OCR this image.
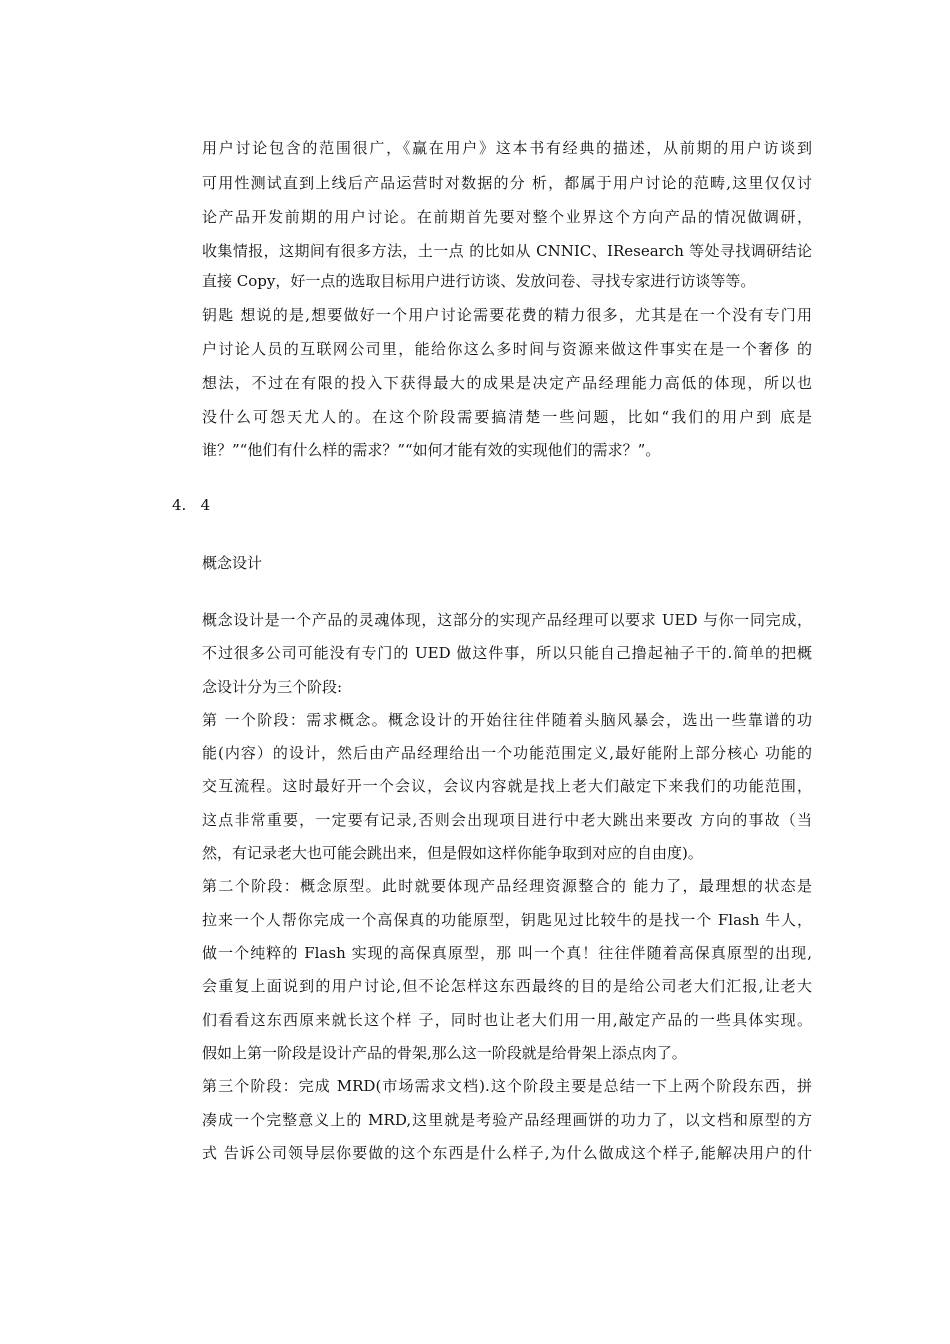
用户讨论包含的范围很广，《赢在用户》这本书有经典的描述，从前期的用户访谈到
可用性测试直到上线后产品运营时对数据的分 析，都属于用户讨论的范畴,这里仅仅讨
论产品开发前期的用户讨论。在前期首先要对整个业界这个方向产品的情况做调研，
收集情报，这期间有很多方法，土一点 的比如从 CNNIC、IResearch 等处寻找调研结论
直接 Copy，好一点的选取目标用户进行访谈、发放问卷、寻找专家进行访谈等等。
钥匙 想说的是,想要做好一个用户讨论需要花费的精力很多，尤其是在一个没有专门用
户讨论人员的互联网公司里，能给你这么多时间与资源来做这件事实在是一个奢侈 的
想法，不过在有限的投入下获得最大的成果是决定产品经理能力高低的体现，所以也
没什么可怨天尤人的。在这个阶段需要搞清楚一些问题，比如“我们的用户到 底是
谁？”“他们有什么样的需求？”“如何才能有效的实现他们的需求？”。
4. 4
概念设计
概念设计是一个产品的灵魂体现，这部分的实现产品经理可以要求 UED 与你一同完成，
不过很多公司可能没有专门的 UED 做这件事，所以只能自己撸起袖子干的.简单的把概
念设计分为三个阶段:
第 一个阶段：需求概念。概念设计的开始往往伴随着头脑风暴会，选出一些靠谱的功
能(内容）的设计，然后由产品经理给出一个功能范围定义,最好能附上部分核心 功能的
交互流程。这时最好开一个会议，会议内容就是找上老大们敲定下来我们的功能范围，
这点非常重要，一定要有记录,否则会出现项目进行中老大跳出来要改 方向的事故（当
然，有记录老大也可能会跳出来，但是假如这样你能争取到对应的自由度)。
第二个阶段：概念原型。此时就要体现产品经理资源整合的 能力了，最理想的状态是
拉来一个人帮你完成一个高保真的功能原型，钥匙见过比较牛的是找一个 Flash 牛人，
做一个纯粹的 Flash 实现的高保真原型，那 叫一个真！往往伴随着高保真原型的出现,
会重复上面说到的用户讨论,但不论怎样这东西最终的目的是给公司老大们汇报,让老大
们看看这东西原来就长这个样 子，同时也让老大们用一用,敲定产品的一些具体实现。
假如上第一阶段是设计产品的骨架,那么这一阶段就是给骨架上添点肉了。
第三个阶段：完成 MRD(市场需求文档).这个阶段主要是总结一下上两个阶段东西，拼
凑成一个完整意义上的 MRD,这里就是考验产品经理画饼的功力了，以文档和原型的方
式 告诉公司领导层你要做的这个东西是什么样子,为什么做成这个样子,能解决用户的什
